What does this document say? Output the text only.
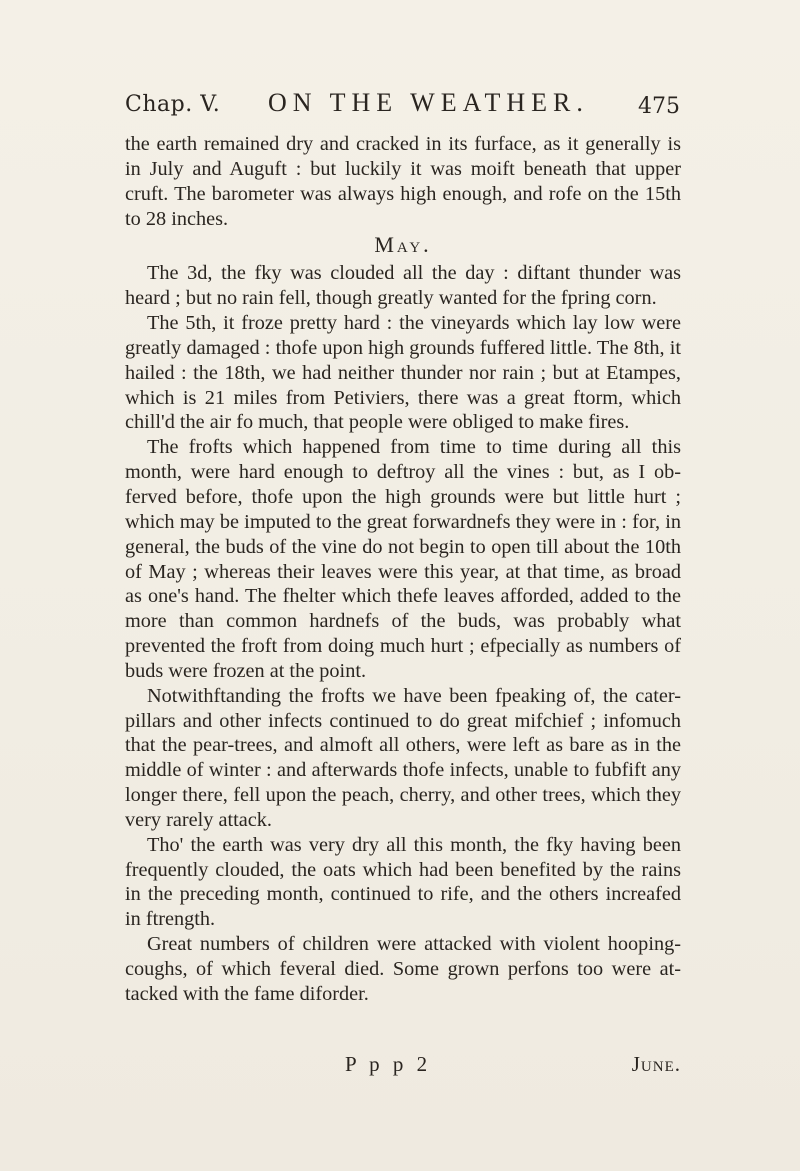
Chap. V. ON THE WEATHER. 475

the earth remained dry and cracked in its furface, as it generally is in July and Auguft : but luckily it was moift beneath that upper cruft. The barometer was always high enough, and rofe on the 15th to 28 inches.

May.

The 3d, the fky was clouded all the day : diftant thunder was heard ; but no rain fell, though greatly wanted for the fpring corn.

The 5th, it froze pretty hard : the vineyards which lay low were greatly damaged : thofe upon high grounds fuffered little. The 8th, it hailed : the 18th, we had neither thunder nor rain ; but at Etampes, which is 21 miles from Petiviers, there was a great ftorm, which chill'd the air fo much, that people were obliged to make fires.

The frofts which happened from time to time during all this month, were hard enough to deftroy all the vines : but, as I ob- ferved before, thofe upon the high grounds were but little hurt ; which may be imputed to the great forwardnefs they were in : for, in general, the buds of the vine do not begin to open till about the 10th of May ; whereas their leaves were this year, at that time, as broad as one's hand. The fhelter which thefe leaves afforded, added to the more than common hardnefs of the buds, was probably what prevented the froft from doing much hurt ; efpecially as numbers of buds were frozen at the point.

Notwithftanding the frofts we have been fpeaking of, the cater- pillars and other infects continued to do great mifchief ; infomuch that the pear-trees, and almoft all others, were left as bare as in the middle of winter : and afterwards thofe infects, unable to fubfift any longer there, fell upon the peach, cherry, and other trees, which they very rarely attack.

Tho' the earth was very dry all this month, the fky having been frequently clouded, the oats which had been benefited by the rains in the preceding month, continued to rife, and the others increafed in ftrength.

Great numbers of children were attacked with violent hooping- coughs, of which feveral died. Some grown perfons too were at- tacked with the fame diforder.

P p p 2	June.
